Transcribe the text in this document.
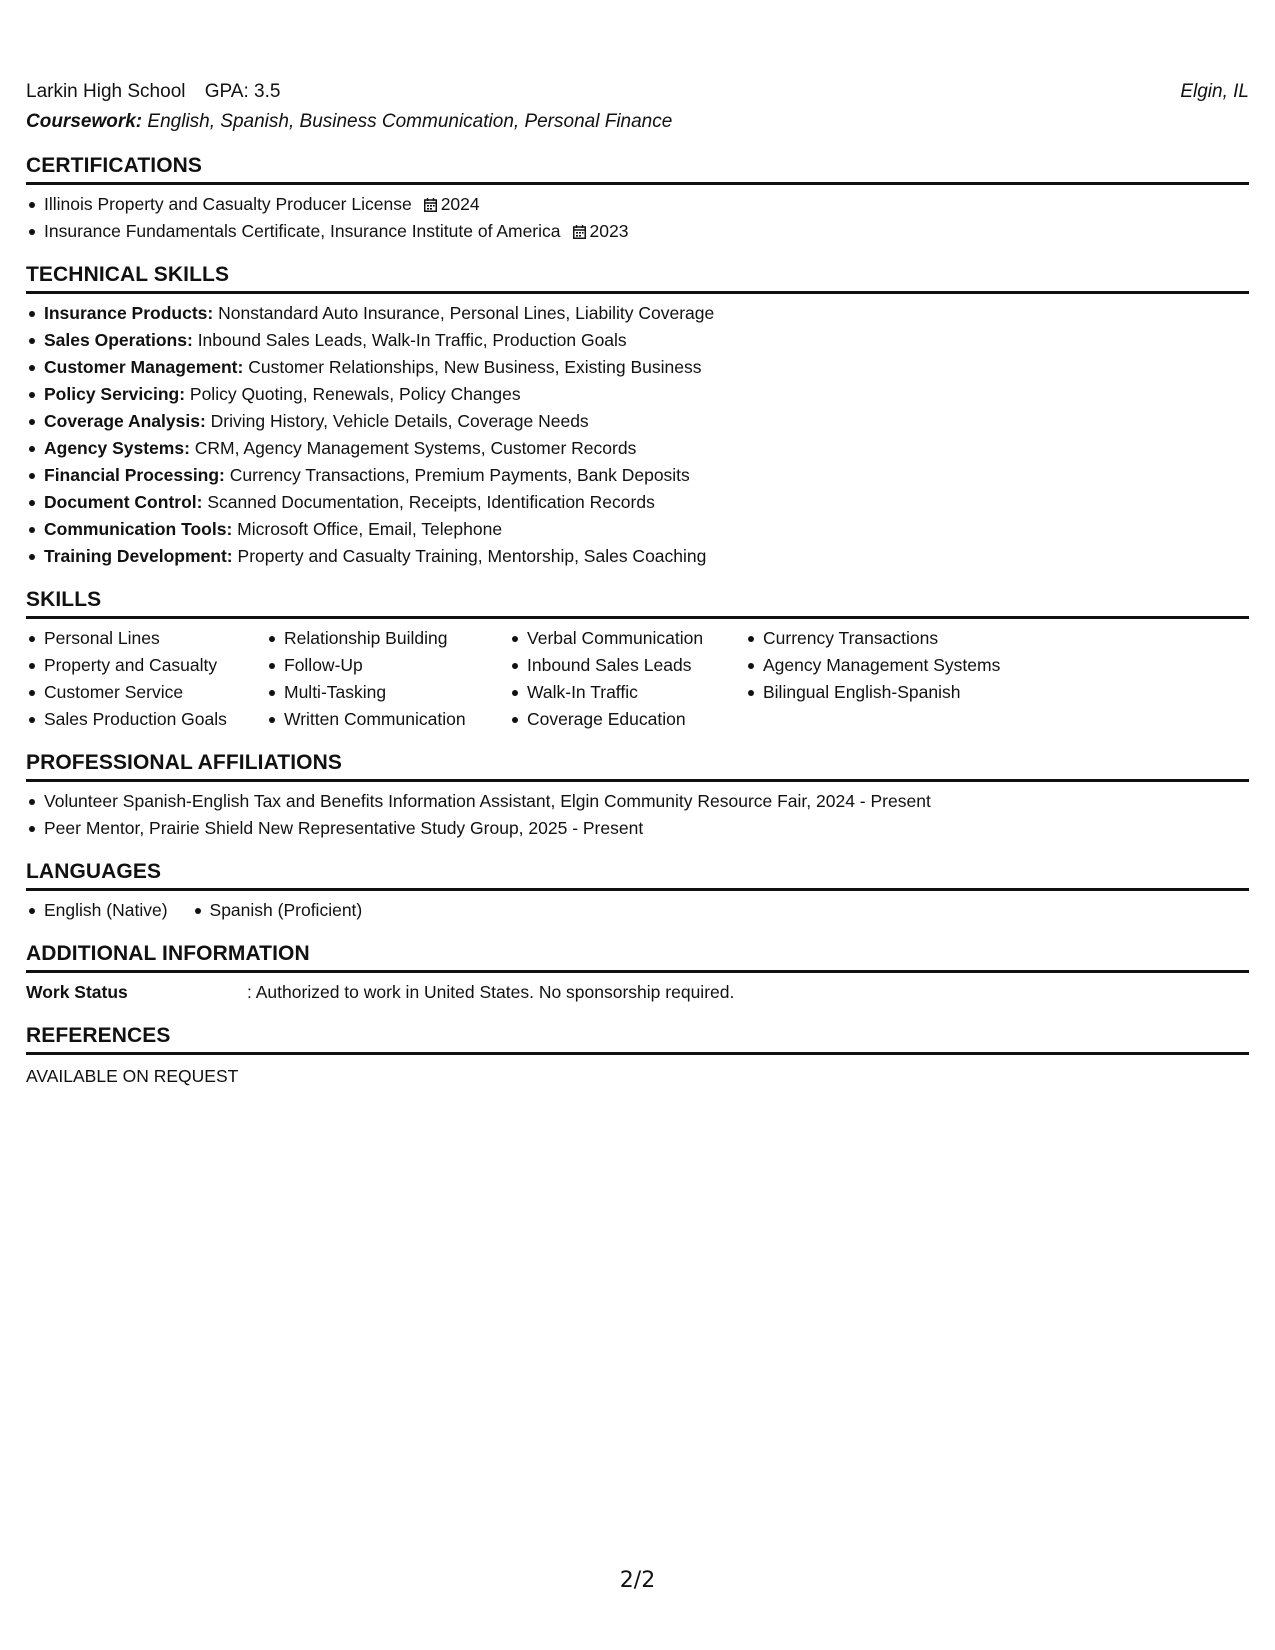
Larkin High School GPA: 3.5	Elgin, IL
Coursework: English, Spanish, Business Communication, Personal Finance
CERTIFICATIONS
Illinois Property and Casualty Producer License 2024
Insurance Fundamentals Certificate, Insurance Institute of America 2023
TECHNICAL SKILLS
Insurance Products: Nonstandard Auto Insurance, Personal Lines, Liability Coverage
Sales Operations: Inbound Sales Leads, Walk-In Traffic, Production Goals
Customer Management: Customer Relationships, New Business, Existing Business
Policy Servicing: Policy Quoting, Renewals, Policy Changes
Coverage Analysis: Driving History, Vehicle Details, Coverage Needs
Agency Systems: CRM, Agency Management Systems, Customer Records
Financial Processing: Currency Transactions, Premium Payments, Bank Deposits
Document Control: Scanned Documentation, Receipts, Identification Records
Communication Tools: Microsoft Office, Email, Telephone
Training Development: Property and Casualty Training, Mentorship, Sales Coaching
SKILLS
Personal Lines
Property and Casualty
Customer Service
Sales Production Goals
Relationship Building
Follow-Up
Multi-Tasking
Written Communication
Verbal Communication
Inbound Sales Leads
Walk-In Traffic
Coverage Education
Currency Transactions
Agency Management Systems
Bilingual English-Spanish
PROFESSIONAL AFFILIATIONS
Volunteer Spanish-English Tax and Benefits Information Assistant, Elgin Community Resource Fair, 2024 - Present
Peer Mentor, Prairie Shield New Representative Study Group, 2025 - Present
LANGUAGES
English (Native)	Spanish (Proficient)
ADDITIONAL INFORMATION
Work Status	: Authorized to work in United States. No sponsorship required.
REFERENCES
AVAILABLE ON REQUEST
2/2
